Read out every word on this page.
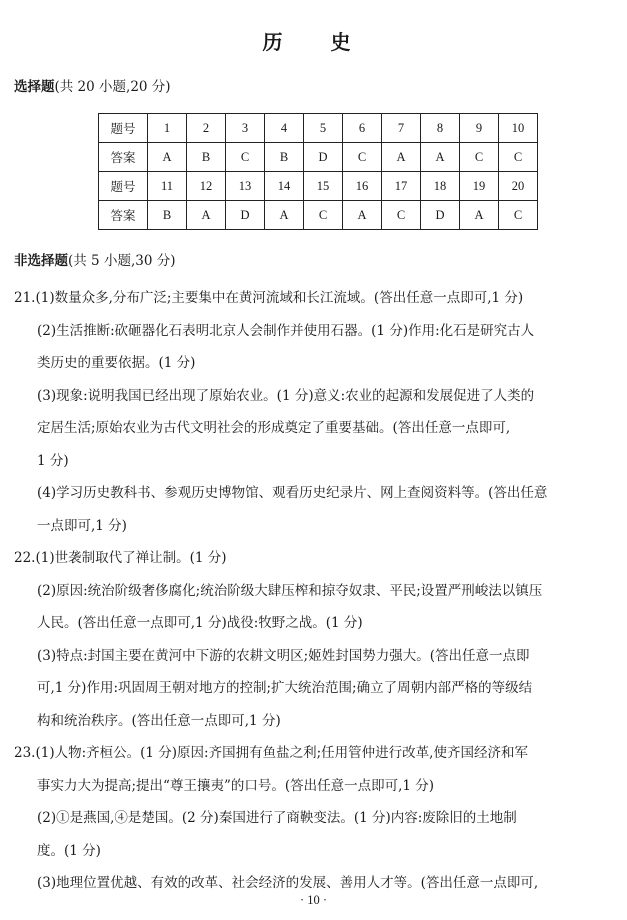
历　史
选择题(共 20 小题,20 分)
题号	1	2	3	4	5	6	7	8	9	10
答案	A	B	C	B	D	C	A	A	C	C
题号	11	12	13	14	15	16	17	18	19	20
答案	B	A	D	A	C	A	C	D	A	C
非选择题(共 5 小题,30 分)

21.(1)数量众多,分布广泛;主要集中在黄河流域和长江流域。(答出任意一点即可,1 分)

(2)生活推断:砍砸器化石表明北京人会制作并使用石器。(1 分)作用:化石是研究古人

类历史的重要依据。(1 分)

(3)现象:说明我国已经出现了原始农业。(1 分)意义:农业的起源和发展促进了人类的

定居生活;原始农业为古代文明社会的形成奠定了重要基础。(答出任意一点即可,

1 分)

(4)学习历史教科书、参观历史博物馆、观看历史纪录片、网上查阅资料等。(答出任意

一点即可,1 分)

22.(1)世袭制取代了禅让制。(1 分)

(2)原因:统治阶级奢侈腐化;统治阶级大肆压榨和掠夺奴隶、平民;设置严刑峻法以镇压

人民。(答出任意一点即可,1 分)战役:牧野之战。(1 分)

(3)特点:封国主要在黄河中下游的农耕文明区;姬姓封国势力强大。(答出任意一点即

可,1 分)作用:巩固周王朝对地方的控制;扩大统治范围;确立了周朝内部严格的等级结

构和统治秩序。(答出任意一点即可,1 分)

23.(1)人物:齐桓公。(1 分)原因:齐国拥有鱼盐之利;任用管仲进行改革,使齐国经济和军

事实力大为提高;提出“尊王攘夷”的口号。(答出任意一点即可,1 分)

(2)①是燕国,④是楚国。(2 分)秦国进行了商鞅变法。(1 分)内容:废除旧的土地制

度。(1 分)

(3)地理位置优越、有效的改革、社会经济的发展、善用人才等。(答出任意一点即可,

· 10 ·
